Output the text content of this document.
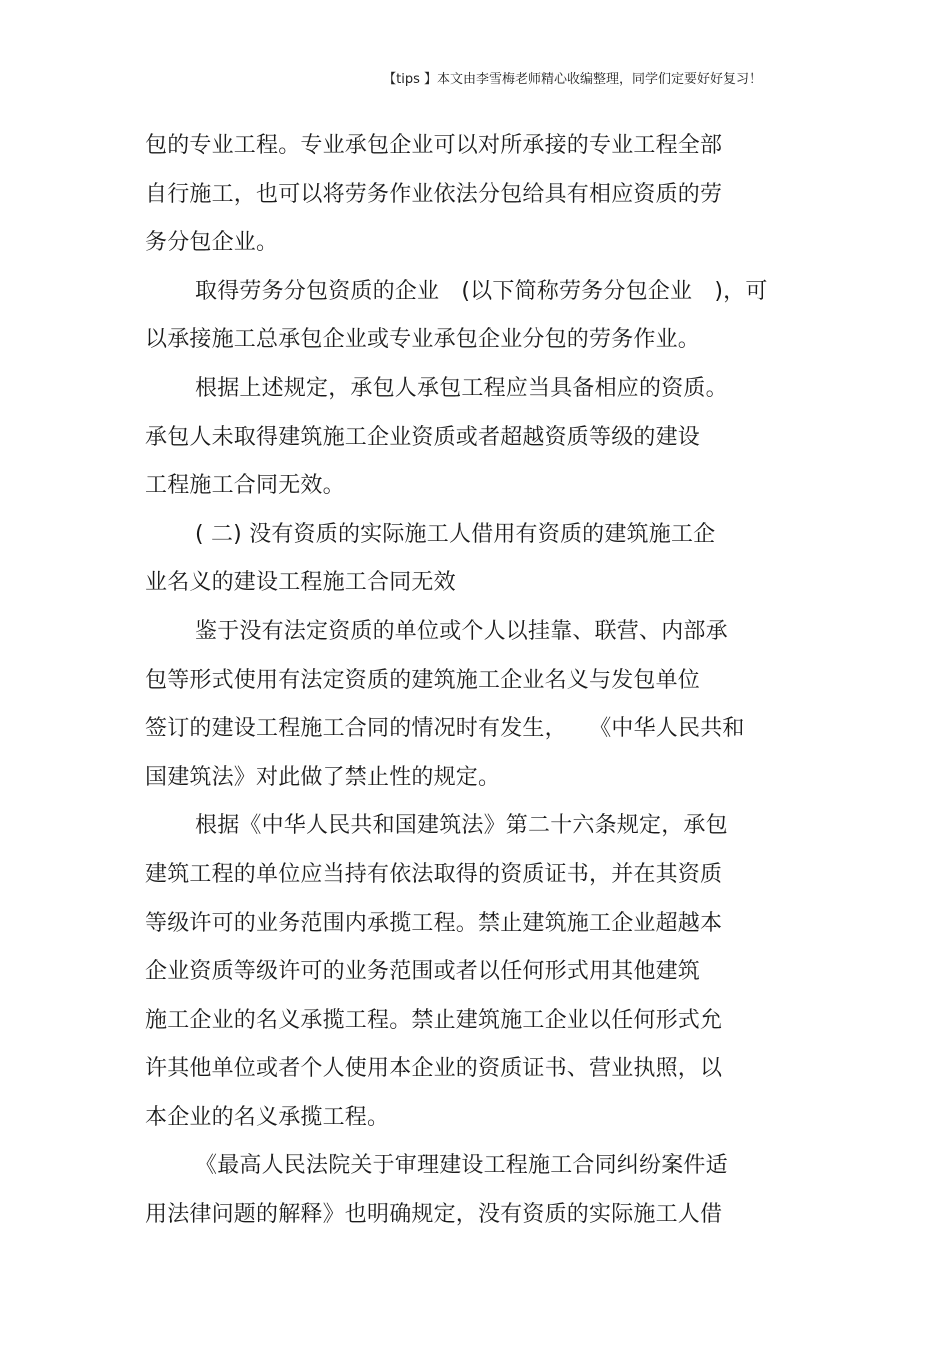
【tips 】本文由李雪梅老师精心收编整理，同学们定要好好复习！
包的专业工程。专业承包企业可以对所承接的专业工程全部
自行施工，也可以将劳务作业依法分包给具有相应资质的劳
务分包企业。
取得劳务分包资质的企业　(以下简称劳务分包企业　)，可
以承接施工总承包企业或专业承包企业分包的劳务作业。
根据上述规定，承包人承包工程应当具备相应的资质。
承包人未取得建筑施工企业资质或者超越资质等级的建设
工程施工合同无效。
( 二) 没有资质的实际施工人借用有资质的建筑施工企
业名义的建设工程施工合同无效
鉴于没有法定资质的单位或个人以挂靠、联营、内部承
包等形式使用有法定资质的建筑施工企业名义与发包单位
签订的建设工程施工合同的情况时有发生，　　《中华人民共和
国建筑法》对此做了禁止性的规定。
根据《中华人民共和国建筑法》第二十六条规定，承包
建筑工程的单位应当持有依法取得的资质证书，并在其资质
等级许可的业务范围内承揽工程。禁止建筑施工企业超越本
企业资质等级许可的业务范围或者以任何形式用其他建筑
施工企业的名义承揽工程。禁止建筑施工企业以任何形式允
许其他单位或者个人使用本企业的资质证书、营业执照，以
本企业的名义承揽工程。
《最高人民法院关于审理建设工程施工合同纠纷案件适
用法律问题的解释》也明确规定，没有资质的实际施工人借
